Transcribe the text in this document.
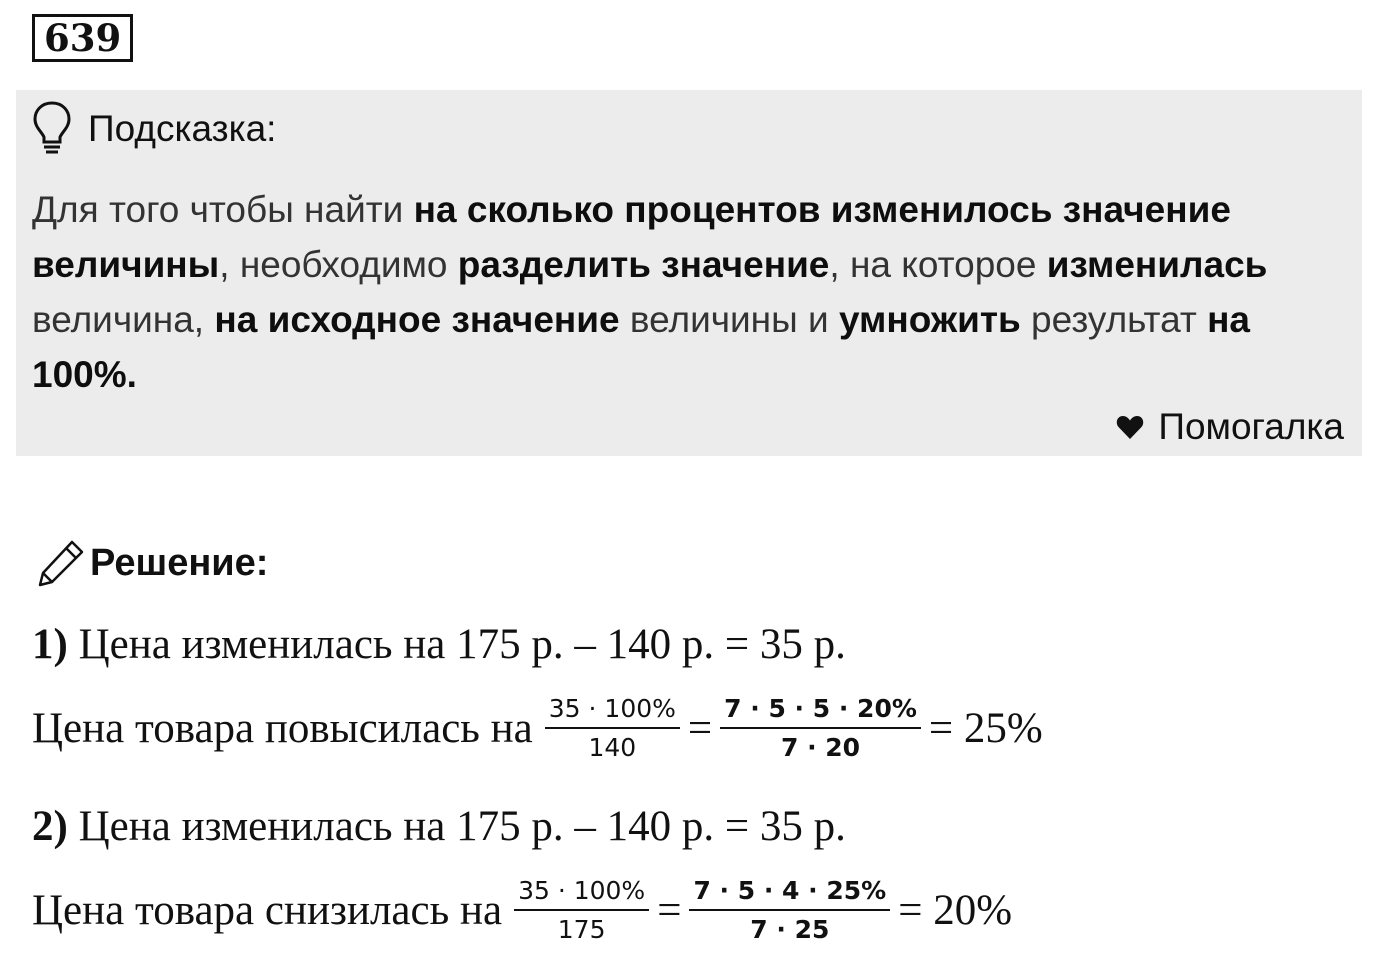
639
Подсказка:
Для того чтобы найти на сколько процентов изменилось значение величины, необходимо разделить значение, на которое изменилась величина, на исходное значение величины и умножить результат на 100%.
Помогалка
Решение:
1) Цена изменилась на 175 р. – 140 р. = 35 р.
Цена товара повысилась на $\frac{35 \cdot 100\%}{140} = \frac{7 \cdot 5 \cdot 5 \cdot 20\%}{7 \cdot 20} = 25\%$
2) Цена изменилась на 175 р. – 140 р. = 35 р.
Цена товара снизилась на $\frac{35 \cdot 100\%}{175} = \frac{7 \cdot 5 \cdot 4 \cdot 25\%}{7 \cdot 25} = 20\%$
